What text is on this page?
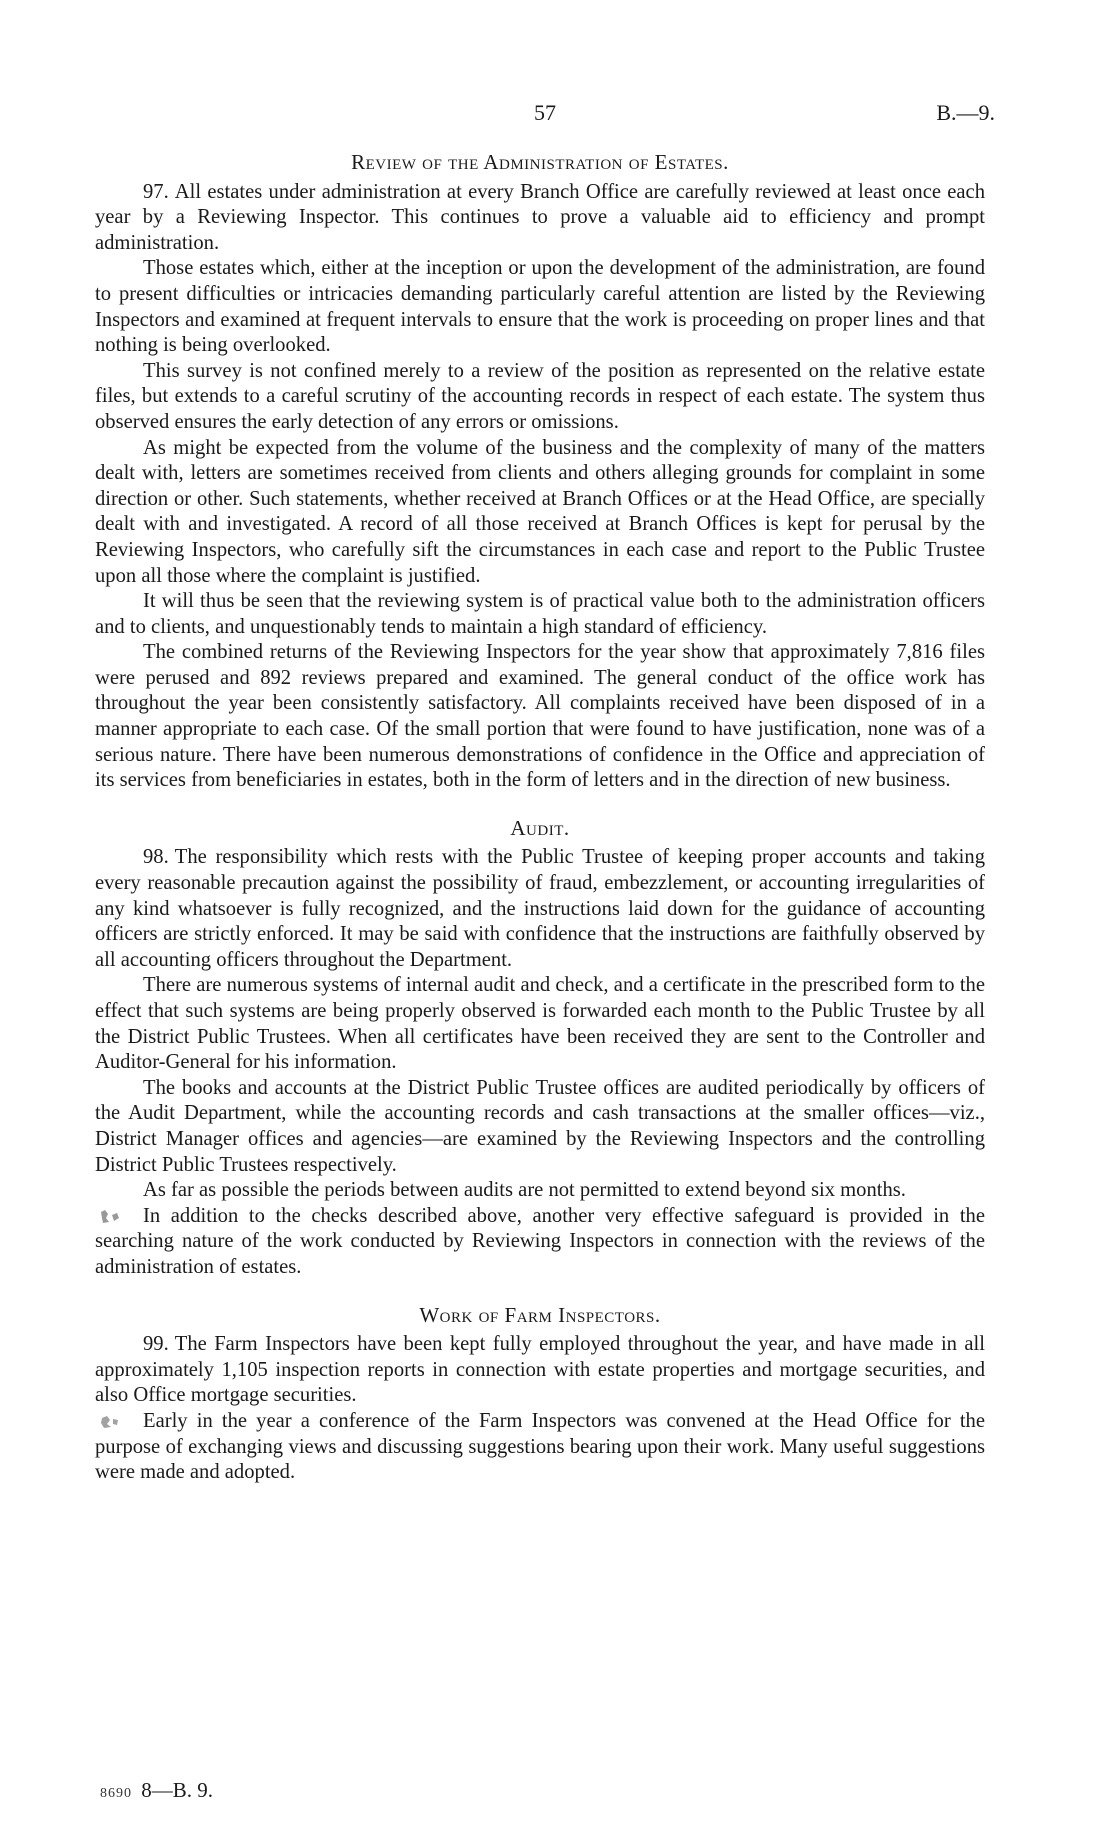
57	B.—9.
Review of the Administration of Estates.

97. All estates under administration at every Branch Office are carefully reviewed at least once each year by a Reviewing Inspector. This continues to prove a valuable aid to efficiency and prompt administration.

Those estates which, either at the inception or upon the development of the administration, are found to present difficulties or intricacies demanding particularly careful attention are listed by the Reviewing Inspectors and examined at frequent intervals to ensure that the work is proceeding on proper lines and that nothing is being overlooked.

This survey is not confined merely to a review of the position as represented on the relative estate files, but extends to a careful scrutiny of the accounting records in respect of each estate. The system thus observed ensures the early detection of any errors or omissions.

As might be expected from the volume of the business and the complexity of many of the matters dealt with, letters are sometimes received from clients and others alleging grounds for complaint in some direction or other. Such statements, whether received at Branch Offices or at the Head Office, are specially dealt with and investigated. A record of all those received at Branch Offices is kept for perusal by the Reviewing Inspectors, who carefully sift the circumstances in each case and report to the Public Trustee upon all those where the complaint is justified.

It will thus be seen that the reviewing system is of practical value both to the administration officers and to clients, and unquestionably tends to maintain a high standard of efficiency.

The combined returns of the Reviewing Inspectors for the year show that approximately 7,816 files were perused and 892 reviews prepared and examined. The general conduct of the office work has throughout the year been consistently satisfactory. All complaints received have been disposed of in a manner appropriate to each case. Of the small portion that were found to have justification, none was of a serious nature. There have been numerous demonstrations of confidence in the Office and appreciation of its services from beneficiaries in estates, both in the form of letters and in the direction of new business.

Audit.

98. The responsibility which rests with the Public Trustee of keeping proper accounts and taking every reasonable precaution against the possibility of fraud, embezzlement, or accounting irregularities of any kind whatsoever is fully recognized, and the instructions laid down for the guidance of accounting officers are strictly enforced. It may be said with confidence that the instructions are faithfully observed by all accounting officers throughout the Department.

There are numerous systems of internal audit and check, and a certificate in the prescribed form to the effect that such systems are being properly observed is forwarded each month to the Public Trustee by all the District Public Trustees. When all certificates have been received they are sent to the Controller and Auditor-General for his information.

The books and accounts at the District Public Trustee offices are audited periodically by officers of the Audit Department, while the accounting records and cash transactions at the smaller offices—viz., District Manager offices and agencies—are examined by the Reviewing Inspectors and the controlling District Public Trustees respectively.

As far as possible the periods between audits are not permitted to extend beyond six months.

In addition to the checks described above, another very effective safeguard is provided in the searching nature of the work conducted by Reviewing Inspectors in connection with the reviews of the administration of estates.

Work of Farm Inspectors.

99. The Farm Inspectors have been kept fully employed throughout the year, and have made in all approximately 1,105 inspection reports in connection with estate properties and mortgage securities, and also Office mortgage securities.

Early in the year a conference of the Farm Inspectors was convened at the Head Office for the purpose of exchanging views and discussing suggestions bearing upon their work. Many useful suggestions were made and adopted.

8690 8—B. 9.
